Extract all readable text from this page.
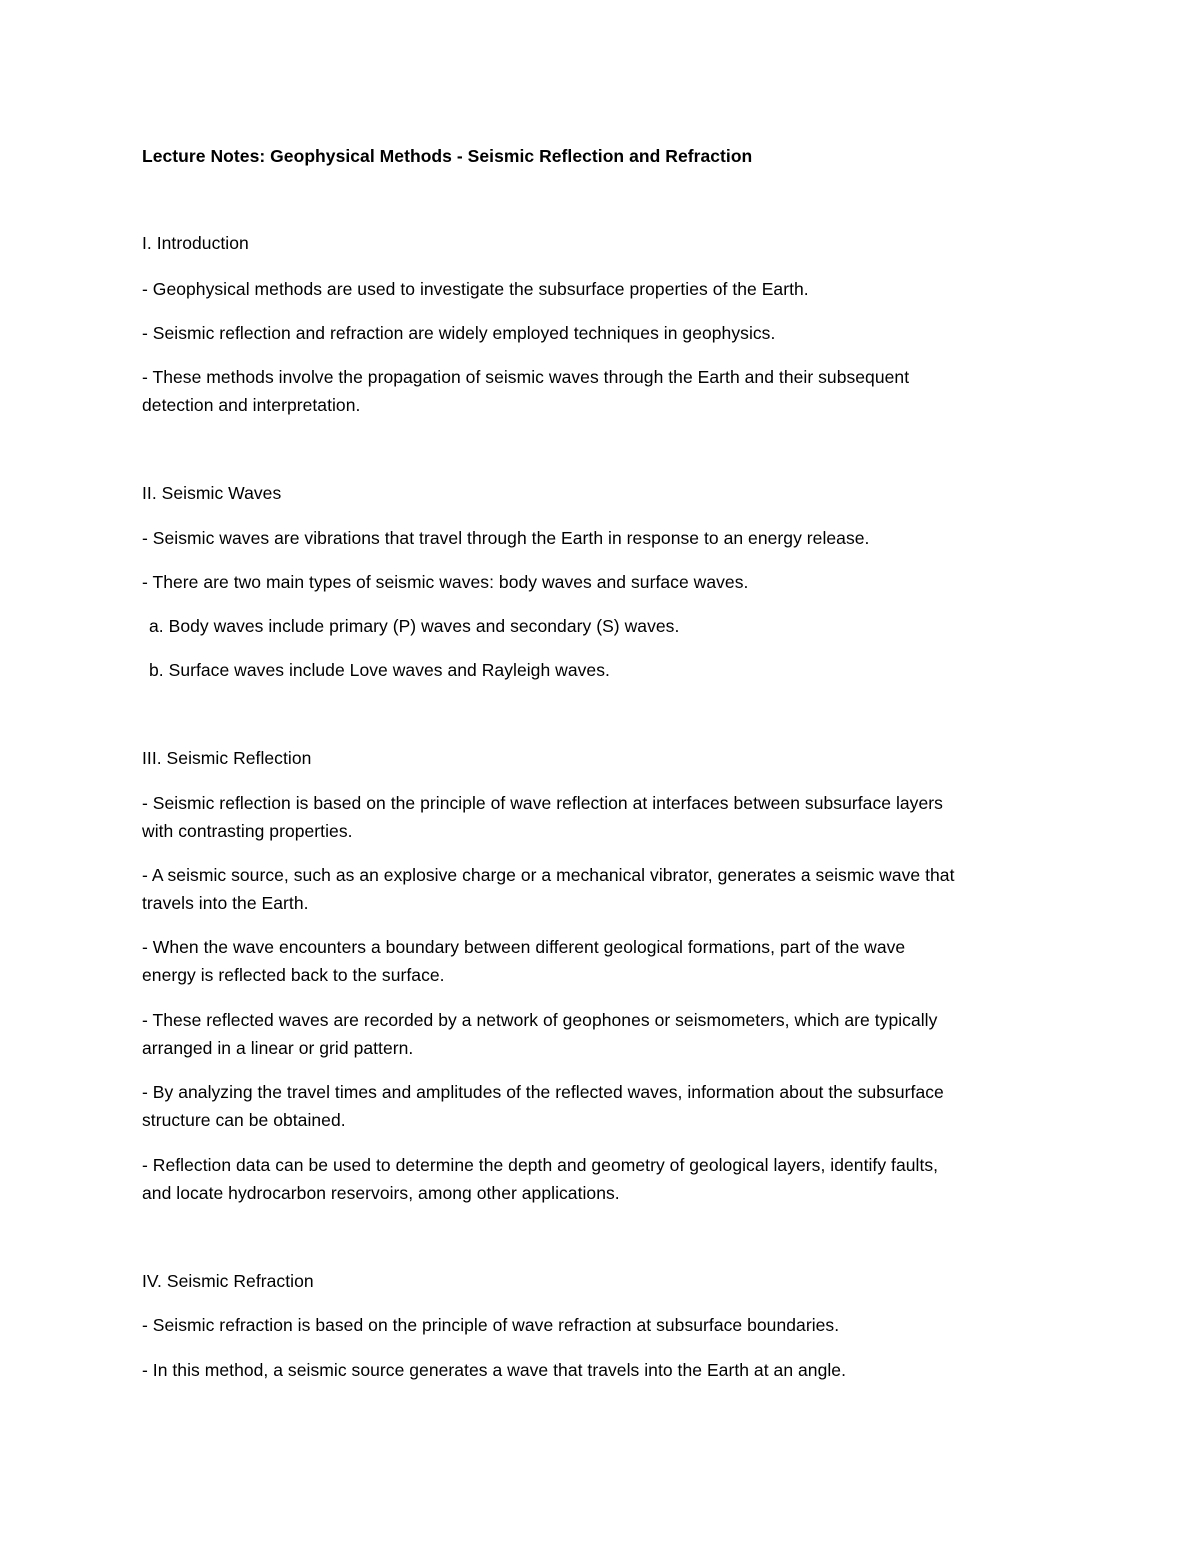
Lecture Notes: Geophysical Methods - Seismic Reflection and Refraction
I. Introduction
- Geophysical methods are used to investigate the subsurface properties of the Earth.
- Seismic reflection and refraction are widely employed techniques in geophysics.
- These methods involve the propagation of seismic waves through the Earth and their subsequent
detection and interpretation.
II. Seismic Waves
- Seismic waves are vibrations that travel through the Earth in response to an energy release.
- There are two main types of seismic waves: body waves and surface waves.
a. Body waves include primary (P) waves and secondary (S) waves.
b. Surface waves include Love waves and Rayleigh waves.
III. Seismic Reflection
- Seismic reflection is based on the principle of wave reflection at interfaces between subsurface layers
with contrasting properties.
- A seismic source, such as an explosive charge or a mechanical vibrator, generates a seismic wave that
travels into the Earth.
- When the wave encounters a boundary between different geological formations, part of the wave
energy is reflected back to the surface.
- These reflected waves are recorded by a network of geophones or seismometers, which are typically
arranged in a linear or grid pattern.
- By analyzing the travel times and amplitudes of the reflected waves, information about the subsurface
structure can be obtained.
- Reflection data can be used to determine the depth and geometry of geological layers, identify faults,
and locate hydrocarbon reservoirs, among other applications.
IV. Seismic Refraction
- Seismic refraction is based on the principle of wave refraction at subsurface boundaries.
- In this method, a seismic source generates a wave that travels into the Earth at an angle.
